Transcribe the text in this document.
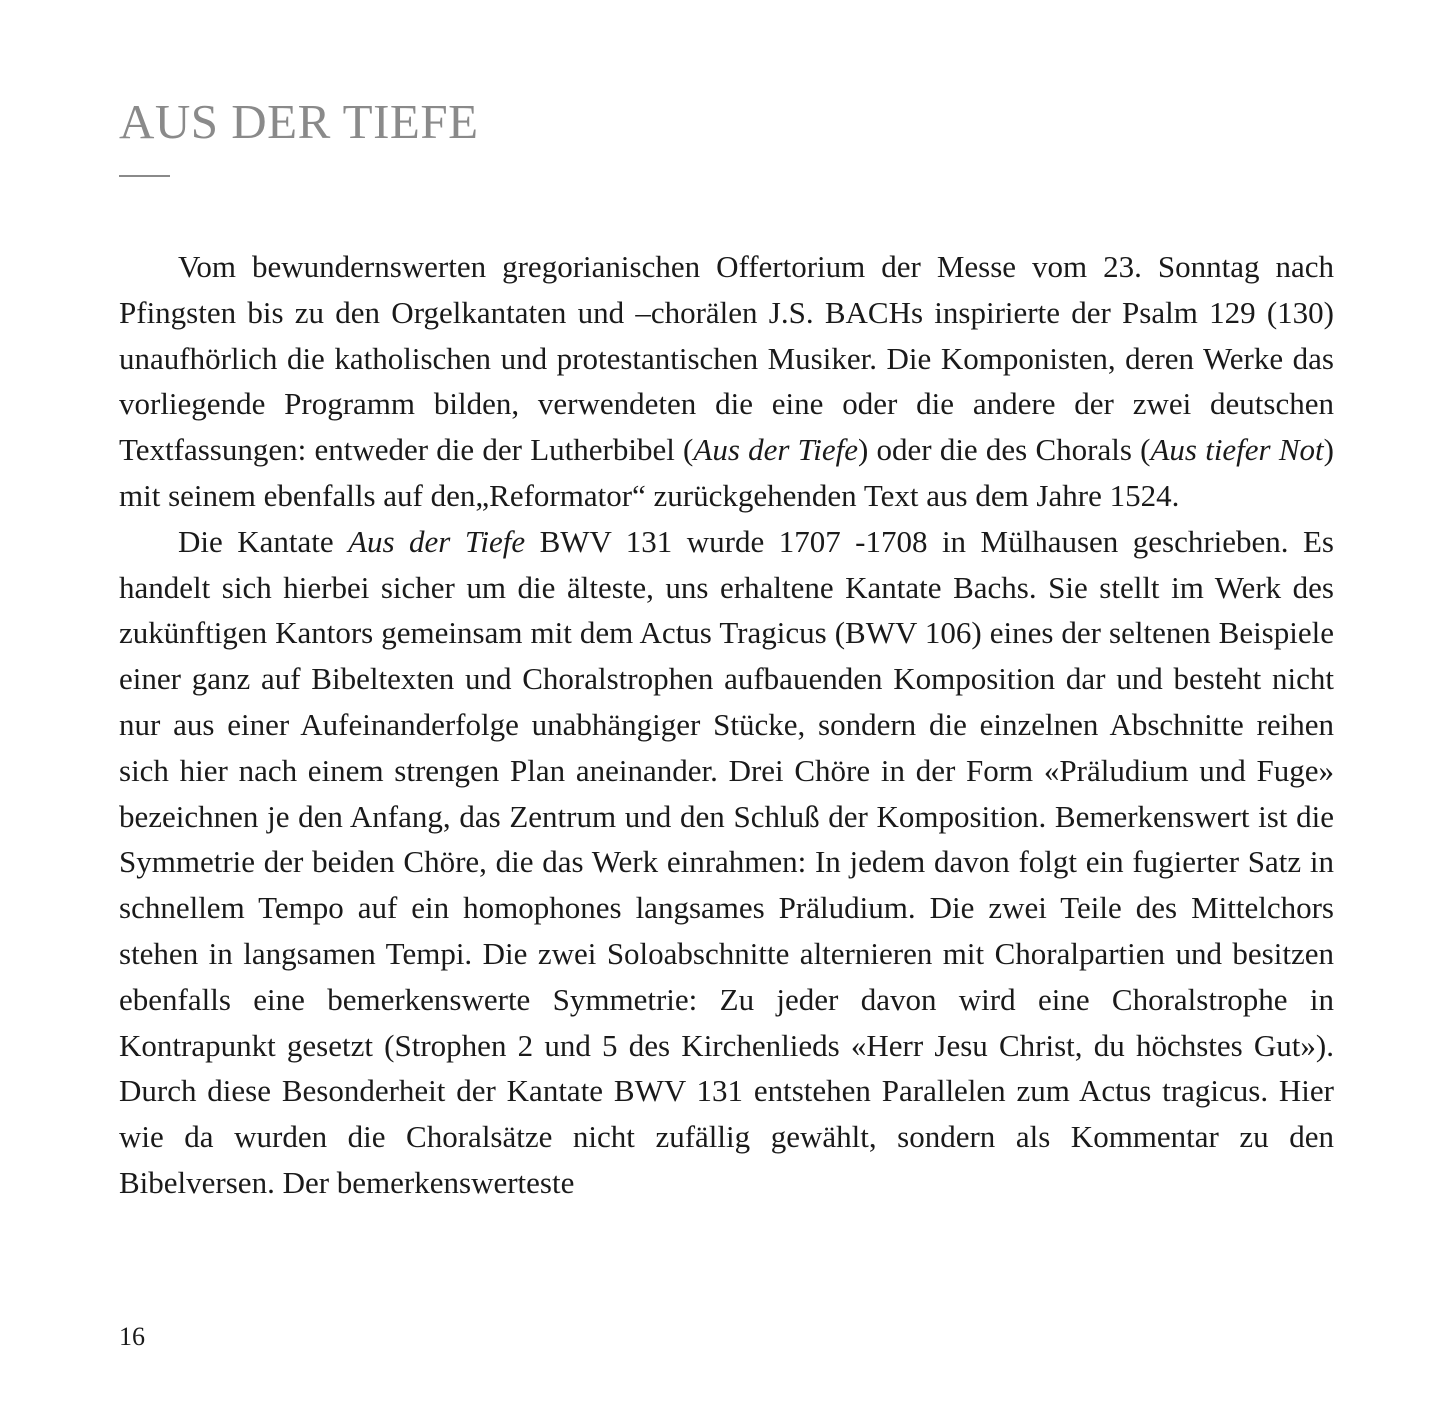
AUS DER TIEFE

Vom bewundernswerten gregorianischen Offertorium der Messe vom 23. Sonntag nach Pfingsten bis zu den Orgelkantaten und –chorälen J.S. BACHs inspirierte der Psalm 129 (130) unaufhörlich die katholischen und protestantischen Musiker. Die Komponisten, deren Werke das vorliegende Programm bilden, verwendeten die eine oder die andere der zwei deutschen Textfassungen: entweder die der Lutherbibel (Aus der Tiefe) oder die des Chorals (Aus tiefer Not) mit seinem ebenfalls auf den„Reformator“ zurückgehenden Text aus dem Jahre 1524.

Die Kantate Aus der Tiefe BWV 131 wurde 1707 -1708 in Mülhausen geschrieben. Es handelt sich hierbei sicher um die älteste, uns erhaltene Kantate Bachs. Sie stellt im Werk des zukünftigen Kantors gemeinsam mit dem Actus Tragicus (BWV 106) eines der seltenen Beispiele einer ganz auf Bibeltexten und Choralstrophen aufbauenden Komposition dar und besteht nicht nur aus einer Aufeinanderfolge unabhängiger Stücke, sondern die einzelnen Abschnitte reihen sich hier nach einem strengen Plan aneinander. Drei Chöre in der Form «Präludium und Fuge» bezeichnen je den Anfang, das Zentrum und den Schluß der Komposition. Bemerkenswert ist die Symmetrie der beiden Chöre, die das Werk einrahmen: In jedem davon folgt ein fugierter Satz in schnellem Tempo auf ein homophones langsames Präludium. Die zwei Teile des Mittelchors stehen in langsamen Tempi. Die zwei Soloabschnitte alternieren mit Choralpartien und besitzen ebenfalls eine bemerkenswerte Symmetrie: Zu jeder davon wird eine Choralstrophe in Kontrapunkt gesetzt (Strophen 2 und 5 des Kirchenlieds «Herr Jesu Christ, du höchstes Gut»). Durch diese Besonderheit der Kantate BWV 131 entstehen Parallelen zum Actus tragicus. Hier wie da wurden die Choralsätze nicht zufällig gewählt, sondern als Kommentar zu den Bibelversen. Der bemerkenswerteste

16
